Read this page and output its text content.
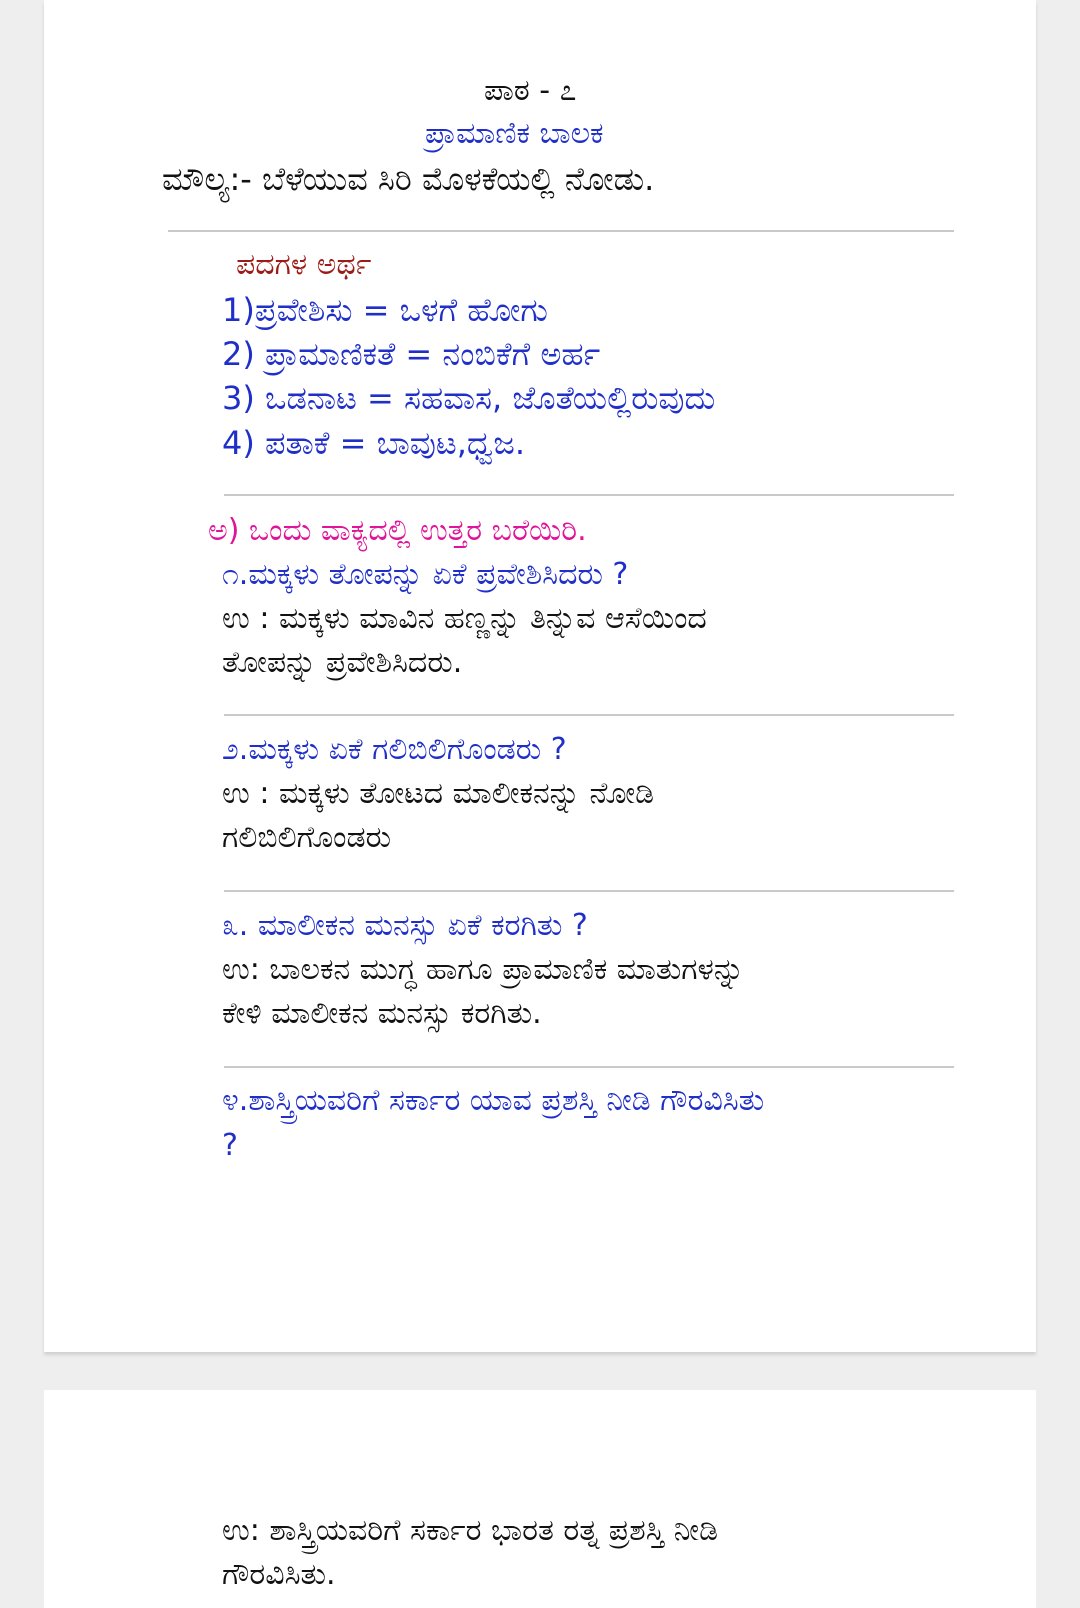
ಪಾಠ - ೭
ಪ್ರಾಮಾಣಿಕ ಬಾಲಕ
ಮೌಲ್ಯ:- ಬೆಳೆಯುವ ಸಿರಿ ಮೊಳಕೆಯಲ್ಲಿ ನೋಡು.
ಪದಗಳ ಅರ್ಥ
1)ಪ್ರವೇಶಿಸು = ಒಳಗೆ ಹೋಗು
2) ಪ್ರಾಮಾಣಿಕತೆ = ನಂಬಿಕೆಗೆ ಅರ್ಹ
3) ಒಡನಾಟ = ಸಹವಾಸ, ಜೊತೆಯಲ್ಲಿರುವುದು
4) ಪತಾಕೆ = ಬಾವುಟ,ಧ್ವಜ.
ಅ) ಒಂದು ವಾಕ್ಯದಲ್ಲಿ ಉತ್ತರ ಬರೆಯಿರಿ.
೧.ಮಕ್ಕಳು ತೋಪನ್ನು ಏಕೆ ಪ್ರವೇಶಿಸಿದರು ?
ಉ : ಮಕ್ಕಳು ಮಾವಿನ ಹಣ್ಣನ್ನು ತಿನ್ನುವ ಆಸೆಯಿಂದ
ತೋಪನ್ನು ಪ್ರವೇಶಿಸಿದರು.
೨.ಮಕ್ಕಳು ಏಕೆ ಗಲಿಬಿಲಿಗೊಂಡರು ?
ಉ : ಮಕ್ಕಳು ತೋಟದ ಮಾಲೀಕನನ್ನು ನೋಡಿ
ಗಲಿಬಿಲಿಗೊಂಡರು
೩. ಮಾಲೀಕನ ಮನಸ್ಸು ಏಕೆ ಕರಗಿತು ?
ಉ: ಬಾಲಕನ ಮುಗ್ಧ ಹಾಗೂ ಪ್ರಾಮಾಣಿಕ ಮಾತುಗಳನ್ನು
ಕೇಳಿ ಮಾಲೀಕನ ಮನಸ್ಸು ಕರಗಿತು.
೪.ಶಾಸ್ತ್ರಿಯವರಿಗೆ ಸರ್ಕಾರ ಯಾವ ಪ್ರಶಸ್ತಿ ನೀಡಿ ಗೌರವಿಸಿತು
?
ಉ: ಶಾಸ್ತ್ರಿಯವರಿಗೆ ಸರ್ಕಾರ ಭಾರತ ರತ್ನ ಪ್ರಶಸ್ತಿ ನೀಡಿ
ಗೌರವಿಸಿತು.
